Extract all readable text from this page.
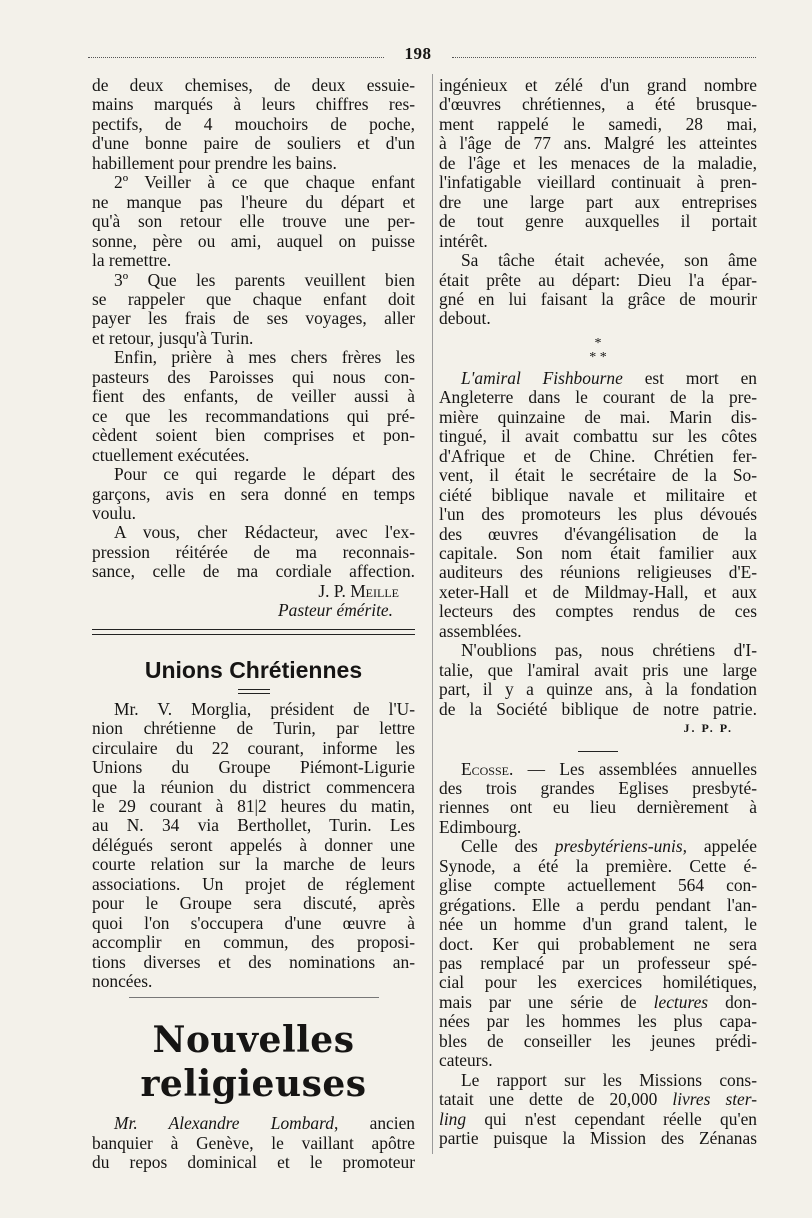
198
de deux chemises, de deux essuie-
mains marqués à leurs chiffres res-
pectifs, de 4 mouchoirs de poche,
d'une bonne paire de souliers et d'un
habillement pour prendre les bains.
2º Veiller à ce que chaque enfant
ne manque pas l'heure du départ et
qu'à son retour elle trouve une per-
sonne, père ou ami, auquel on puisse
la remettre.
3º Que les parents veuillent bien
se rappeler que chaque enfant doit
payer les frais de ses voyages, aller
et retour, jusqu'à Turin.
Enfin, prière à mes chers frères les
pasteurs des Paroisses qui nous con-
fient des enfants, de veiller aussi à
ce que les recommandations qui pré-
cèdent soient bien comprises et pon-
ctuellement exécutées.
Pour ce qui regarde le départ des
garçons, avis en sera donné en temps
voulu.
A vous, cher Rédacteur, avec l'ex-
pression réitérée de ma reconnais-
sance, celle de ma cordiale affection.
J. P. Meille
Pasteur émérite.
Unions Chrétiennes
Mr. V. Morglia, président de l'U-
nion chrétienne de Turin, par lettre
circulaire du 22 courant, informe les
Unions du Groupe Piémont-Ligurie
que la réunion du district commencera
le 29 courant à 81|2 heures du matin,
au N. 34 via Berthollet, Turin. Les
délégués seront appelés à donner une
courte relation sur la marche de leurs
associations. Un projet de réglement
pour le Groupe sera discuté, après
quoi l'on s'occupera d'une œuvre à
accomplir en commun, des proposi-
tions diverses et des nominations an-
noncées.
Nouvelles religieuses
Mr. Alexandre Lombard, ancien
banquier à Genève, le vaillant apôtre
du repos dominical et le promoteur
ingénieux et zélé d'un grand nombre
d'œuvres chrétiennes, a été brusque-
ment rappelé le samedi, 28 mai,
à l'âge de 77 ans. Malgré les atteintes
de l'âge et les menaces de la maladie,
l'infatigable vieillard continuait à pren-
dre une large part aux entreprises
de tout genre auxquelles il portait
intérêt.
Sa tâche était achevée, son âme
était prête au départ: Dieu l'a épar-
gné en lui faisant la grâce de mourir
debout.
*
* *
L'amiral Fishbourne est mort en
Angleterre dans le courant de la pre-
mière quinzaine de mai. Marin dis-
tingué, il avait combattu sur les côtes
d'Afrique et de Chine. Chrétien fer-
vent, il était le secrétaire de la So-
ciété biblique navale et militaire et
l'un des promoteurs les plus dévoués
des œuvres d'évangélisation de la
capitale. Son nom était familier aux
auditeurs des réunions religieuses d'E-
xeter-Hall et de Mildmay-Hall, et aux
lecteurs des comptes rendus de ces
assemblées.
N'oublions pas, nous chrétiens d'I-
talie, que l'amiral avait pris une large
part, il y a quinze ans, à la fondation
de la Société biblique de notre patrie.
J. P. P.
Ecosse. — Les assemblées annuelles
des trois grandes Eglises presbyté-
riennes ont eu lieu dernièrement à
Edimbourg.
Celle des presbytériens-unis, appelée
Synode, a été la première. Cette é-
glise compte actuellement 564 con-
grégations. Elle a perdu pendant l'an-
née un homme d'un grand talent, le
doct. Ker qui probablement ne sera
pas remplacé par un professeur spé-
cial pour les exercices homilétiques,
mais par une série de lectures don-
nées par les hommes les plus capa-
bles de conseiller les jeunes prédi-
cateurs.
Le rapport sur les Missions cons-
tatait une dette de 20,000 livres ster-
ling qui n'est cependant réelle qu'en
partie puisque la Mission des Zénanas
